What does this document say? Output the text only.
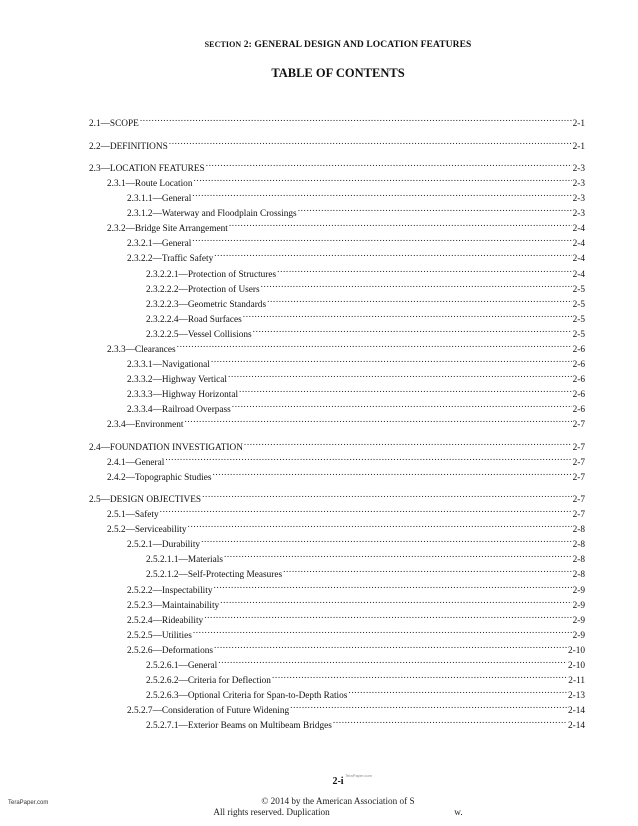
SECTION 2: GENERAL DESIGN AND LOCATION FEATURES
TABLE OF CONTENTS
2.1—SCOPE .....	2-1
2.2—DEFINITIONS .....	2-1
2.3—LOCATION FEATURES .....	2-3
2.3.1—Route Location .....	2-3
2.3.1.1—General .....	2-3
2.3.1.2—Waterway and Floodplain Crossings .....	2-3
2.3.2—Bridge Site Arrangement .....	2-4
2.3.2.1—General .....	2-4
2.3.2.2—Traffic Safety .....	2-4
2.3.2.2.1—Protection of Structures .....	2-4
2.3.2.2.2—Protection of Users .....	2-5
2.3.2.2.3—Geometric Standards .....	2-5
2.3.2.2.4—Road Surfaces .....	2-5
2.3.2.2.5—Vessel Collisions .....	2-5
2.3.3—Clearances .....	2-6
2.3.3.1—Navigational .....	2-6
2.3.3.2—Highway Vertical .....	2-6
2.3.3.3—Highway Horizontal .....	2-6
2.3.3.4—Railroad Overpass .....	2-6
2.3.4—Environment .....	2-7
2.4—FOUNDATION INVESTIGATION .....	2-7
2.4.1—General .....	2-7
2.4.2—Topographic Studies .....	2-7
2.5—DESIGN OBJECTIVES .....	2-7
2.5.1—Safety .....	2-7
2.5.2—Serviceability .....	2-8
2.5.2.1—Durability .....	2-8
2.5.2.1.1—Materials .....	2-8
2.5.2.1.2—Self-Protecting Measures .....	2-8
2.5.2.2—Inspectability .....	2-9
2.5.2.3—Maintainability .....	2-9
2.5.2.4—Rideability .....	2-9
2.5.2.5—Utilities .....	2-9
2.5.2.6—Deformations .....	2-10
2.5.2.6.1—General .....	2-10
2.5.2.6.2—Criteria for Deflection .....	2-11
2.5.2.6.3—Optional Criteria for Span-to-Depth Ratios .....	2-13
2.5.2.7—Consideration of Future Widening .....	2-14
2.5.2.7.1—Exterior Beams on Multibeam Bridges .....	2-14
TeraPaper.com
2-i
© 2014 by the American Association of S
All rights reserved. Duplication	w.
TeraPaper.com
